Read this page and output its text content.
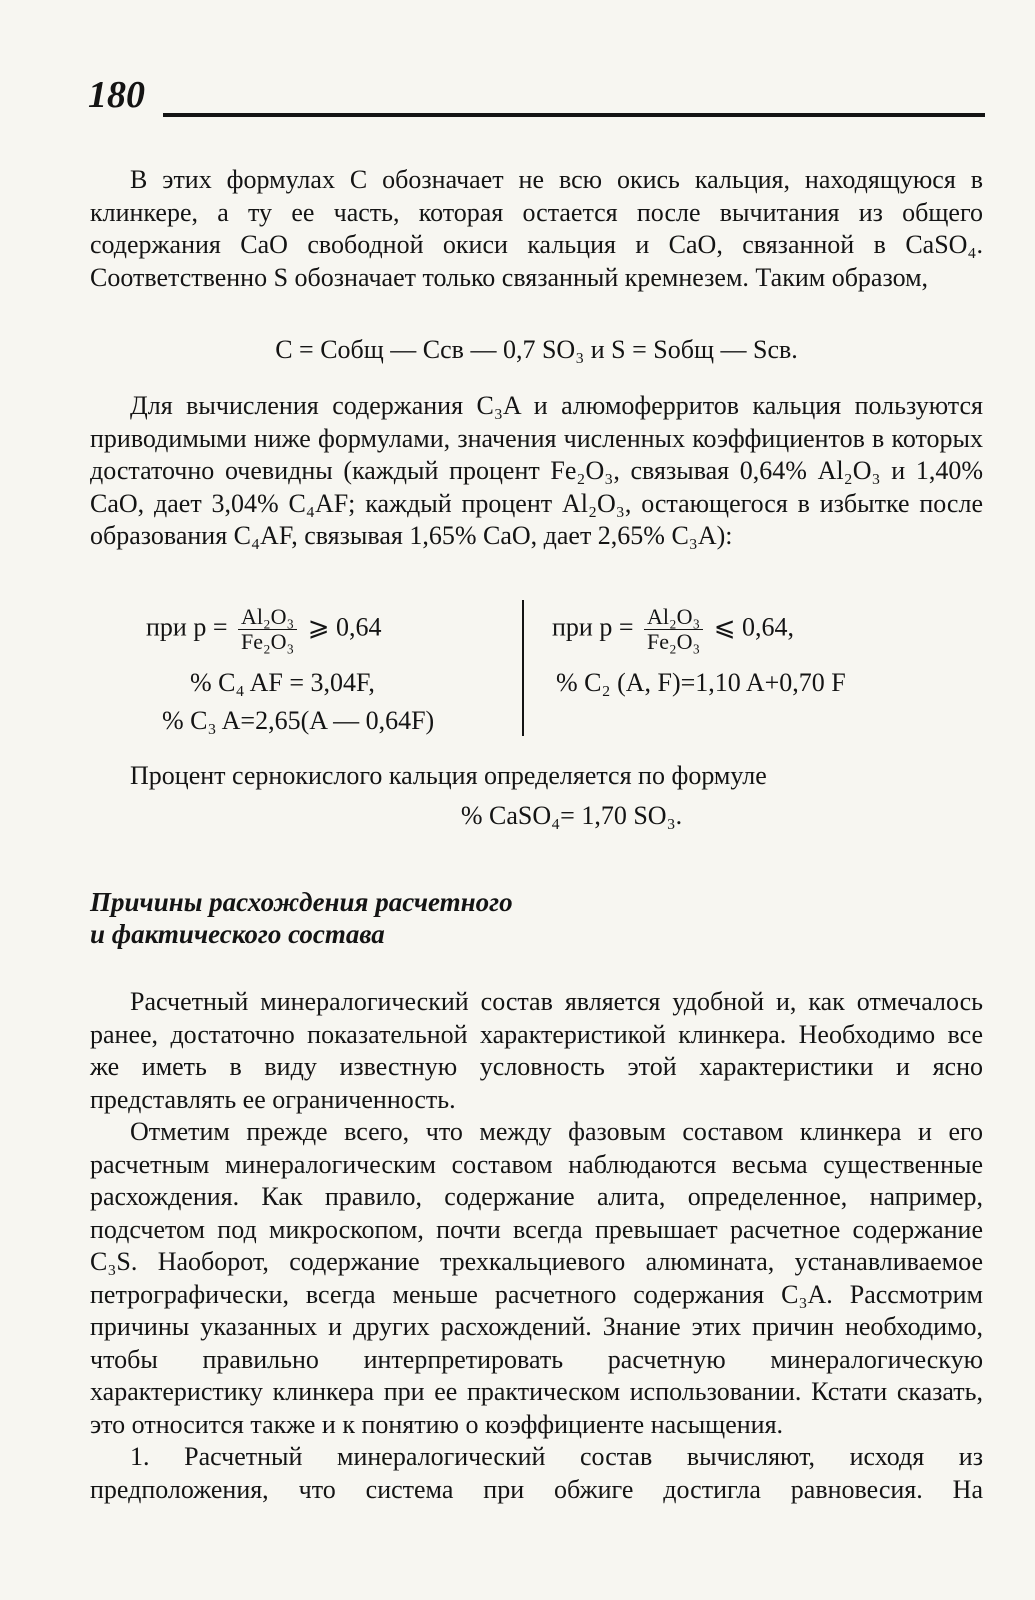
180

В этих формулах C обозначает не всю окись кальция, находящуюся в клинкере, а ту ее часть, которая остается после вычитания из общего содержания CaO свободной окиси кальция и CaO, связанной в CaSO₄. Соответственно S обозначает только связанный кремнезем. Таким образом,

C = Cобщ — Cсв — 0,7 SO₃ и S = Sобщ — Sсв.

Для вычисления содержания C₃A и алюмоферритов кальция пользуются приводимыми ниже формулами, значения численных коэффициентов в которых достаточно очевидны (каждый процент Fe₂O₃, связывая 0,64% Al₂O₃ и 1,40% CaO, дает 3,04% C₄AF; каждый процент Al₂O₃, остающегося в избытке после образования C₄AF, связывая 1,65% CaO, дает 2,65% C₃A):

при $p = \frac{\text{Al₂O₃}}{\text{Fe₂O₃}}$ ⩾ 0,64
% C₄ AF = 3,04F,
% C₃ A=2,65(A — 0,64F)
при $p = \frac{\text{Al₂O₃}}{\text{Fe₂O₃}}$ ⩽ 0,64,
% C₂ (A, F)=1,10 A+0,70 F

Процент сернокислого кальция определяется по формуле

% CaSO₄= 1,70 SO₃.
Причины расхождения расчетного
и фактического состава

Расчетный минералогический состав является удобной и, как отмечалось ранее, достаточно показательной характеристикой клинкера. Необходимо все же иметь в виду известную условность этой характеристики и ясно представлять ее ограниченность.

Отметим прежде всего, что между фазовым составом клинкера и его расчетным минералогическим составом наблюдаются весьма существенные расхождения. Как правило, содержание алита, определенное, например, подсчетом под микроскопом, почти всегда превышает расчетное содержание C₃S. Наоборот, содержание трехкальциевого алюмината, устанавливаемое петрографически, всегда меньше расчетного содержания C₃A. Рассмотрим причины указанных и других расхождений. Знание этих причин необходимо, чтобы правильно интерпретировать расчетную минералогическую характеристику клинкера при ее практическом использовании. Кстати сказать, это относится также и к понятию о коэффициенте насыщения.

1. Расчетный минералогический состав вычисляют, исходя из предположения, что система при обжиге достигла равновесия. На
